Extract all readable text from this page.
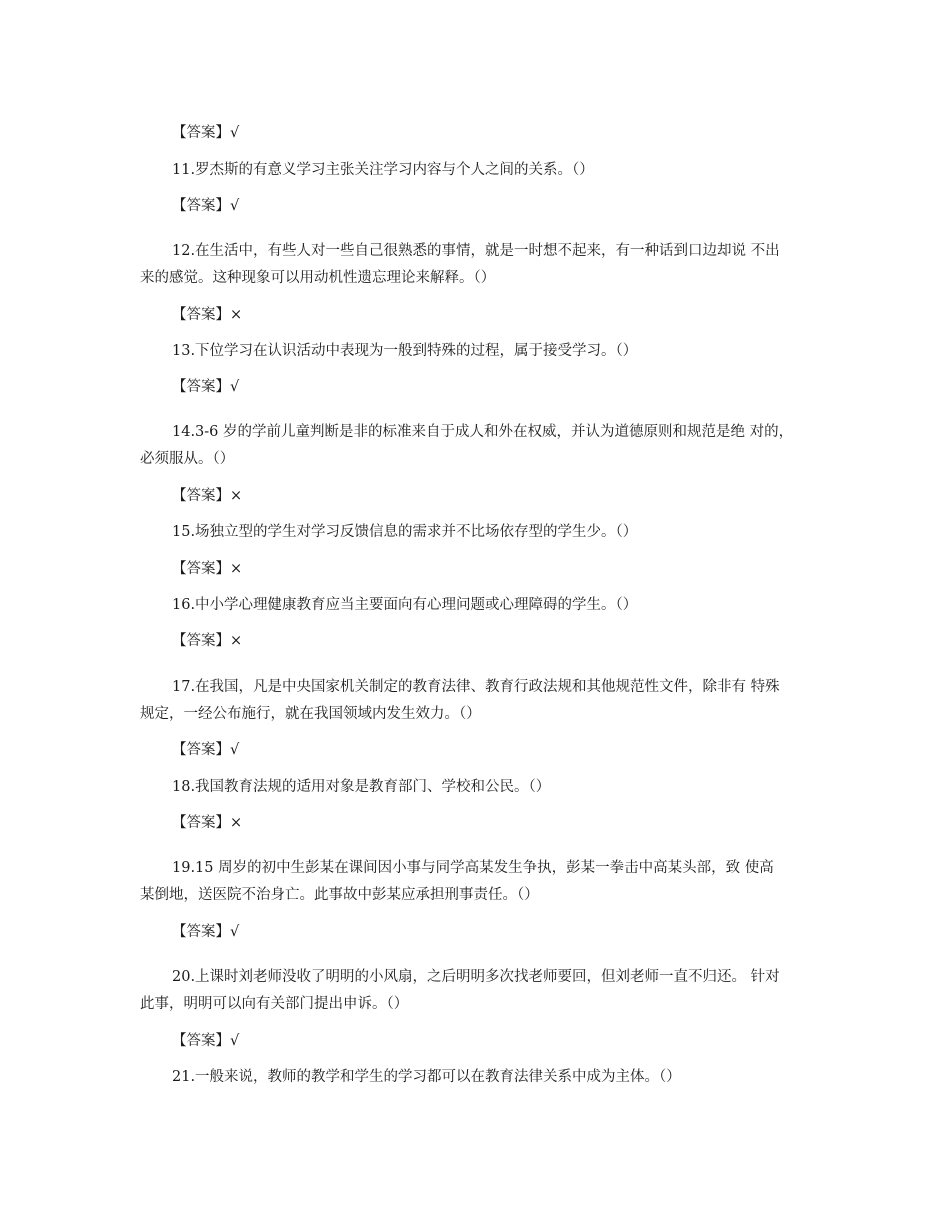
【答案】√
11.罗杰斯的有意义学习主张关注学习内容与个人之间的关系。（）
【答案】√
12.在生活中，有些人对一些自己很熟悉的事情，就是一时想不起来，有一种话到口边却说 不出
来的感觉。这种现象可以用动机性遗忘理论来解释。（）
【答案】×
13.下位学习在认识活动中表现为一般到特殊的过程，属于接受学习。（）
【答案】√
14.3-6 岁的学前儿童判断是非的标准来自于成人和外在权威，并认为道德原则和规范是绝 对的，
必须服从。（）
【答案】×
15.场独立型的学生对学习反馈信息的需求并不比场依存型的学生少。（）
【答案】×
16.中小学心理健康教育应当主要面向有心理问题或心理障碍的学生。（）
【答案】×
17.在我国，凡是中央国家机关制定的教育法律、教育行政法规和其他规范性文件，除非有 特殊
规定，一经公布施行，就在我国领域内发生效力。（）
【答案】√
18.我国教育法规的适用对象是教育部门、学校和公民。（）
【答案】×
19.15 周岁的初中生彭某在课间因小事与同学高某发生争执，彭某一拳击中高某头部，致 使高
某倒地，送医院不治身亡。此事故中彭某应承担刑事责任。（）
【答案】√
20.上课时刘老师没收了明明的小风扇，之后明明多次找老师要回，但刘老师一直不归还。 针对
此事，明明可以向有关部门提出申诉。（）
【答案】√
21.一般来说，教师的教学和学生的学习都可以在教育法律关系中成为主体。（）
